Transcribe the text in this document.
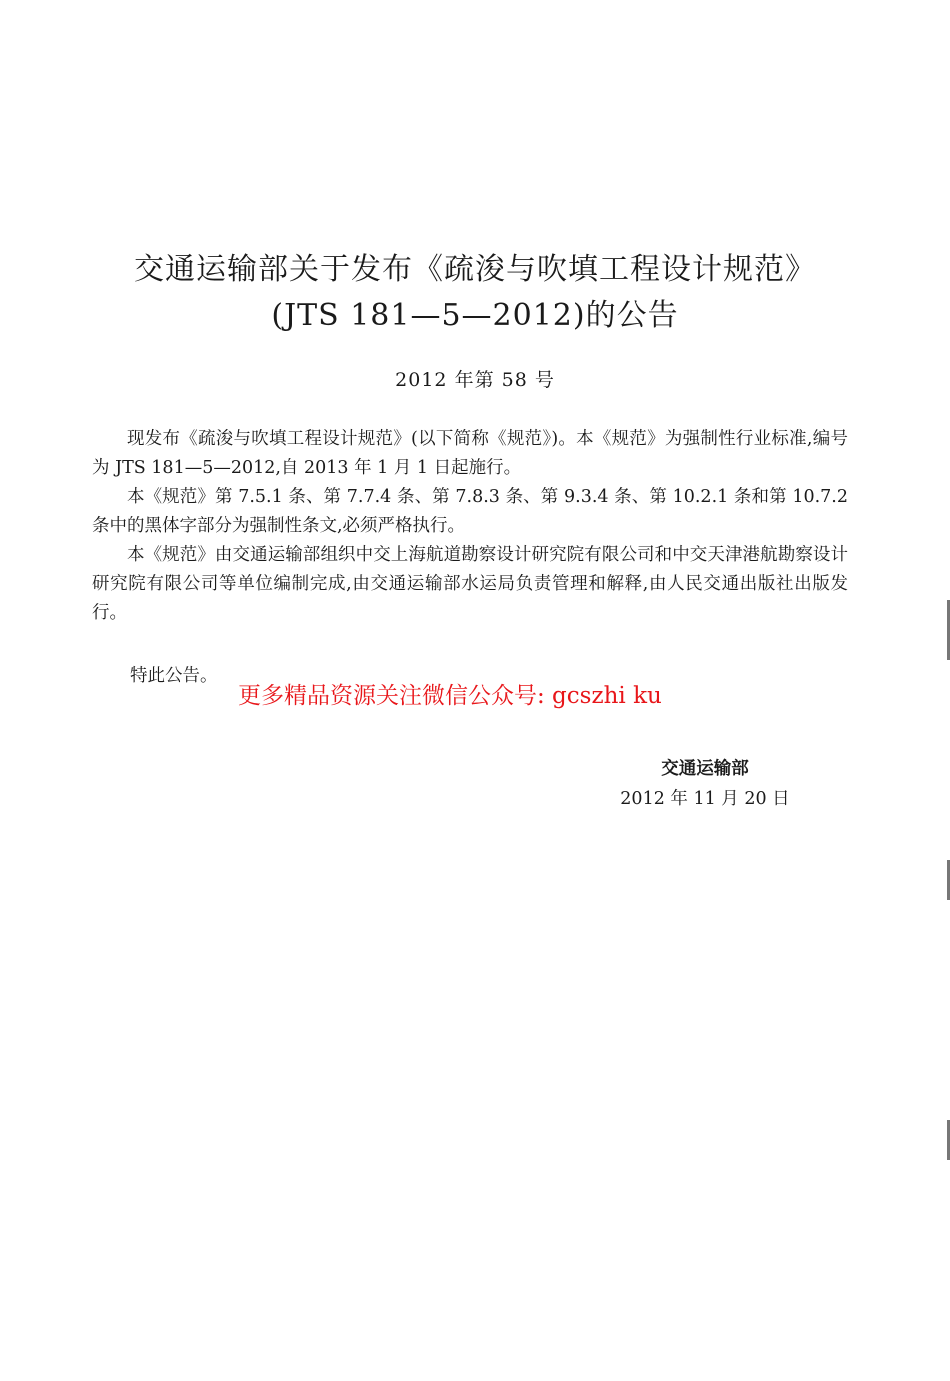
交通运输部关于发布《疏浚与吹填工程设计规范》
(JTS 181—5—2012)的公告
2012 年第 58 号

现发布《疏浚与吹填工程设计规范》(以下简称《规范》)。本《规范》为强制性行业标准,编号为 JTS 181—5—2012,自 2013 年 1 月 1 日起施行。

本《规范》第 7.5.1 条、第 7.7.4 条、第 7.8.3 条、第 9.3.4 条、第 10.2.1 条和第 10.7.2 条中的黑体字部分为强制性条文,必须严格执行。

本《规范》由交通运输部组织中交上海航道勘察设计研究院有限公司和中交天津港航勘察设计研究院有限公司等单位编制完成,由交通运输部水运局负责管理和解释,由人民交通出版社出版发行。

特此公告。
更多精品资源关注微信公众号: gcszhi ku
交通运输部
2012 年 11 月 20 日
